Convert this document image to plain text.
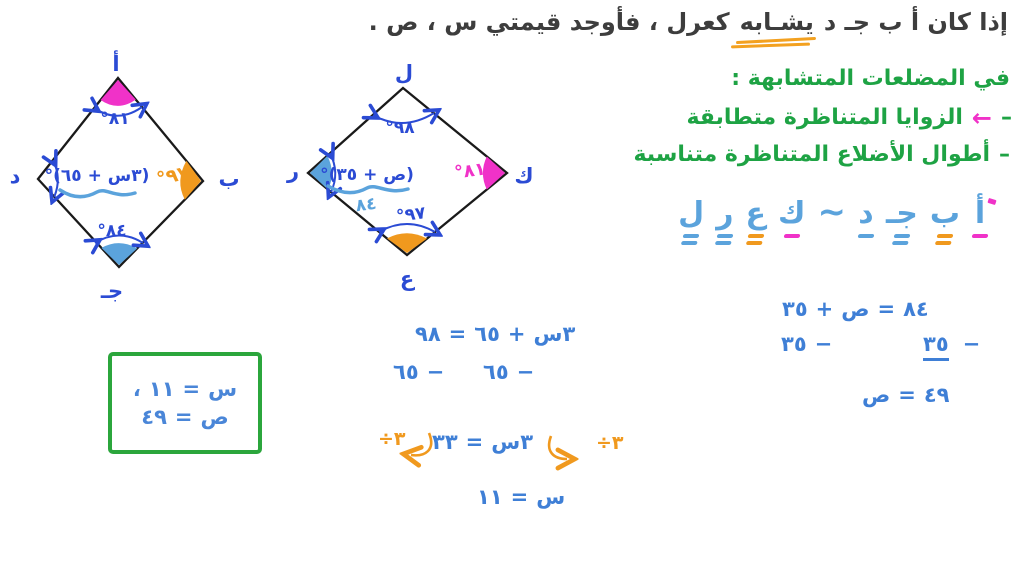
إذا كان أ ب جـ د
يشـابه
كعرل ، فأوجد قيمتي س ، ص .
أ
ب
جـ
د
٨١°
٩٧°
٨٤°
(٣س + ٦٥)°
ل
ك
ع
ر
٩٨°
٨١°
٩٧°
(ص + ٣٥)°
٨٤
في المضلعات المتشابهة :
–
←
الزوايا المتناظرة متطابقة
–
أطوال الأضلاع المتناظرة متناسبة
أ
ب
جـ
د
~
ك
ع
ر
ل
٩٨ = ٦٥ + ٣س
٦٥ − ٦٥ −
÷٣ ٣٣ = ٣س	÷٣
١١ = س
٣٥ + ص = ٨٤
٣٥ −	٣٥ −
ص = ٤٩
، ١١ = س
٤٩ = ص
